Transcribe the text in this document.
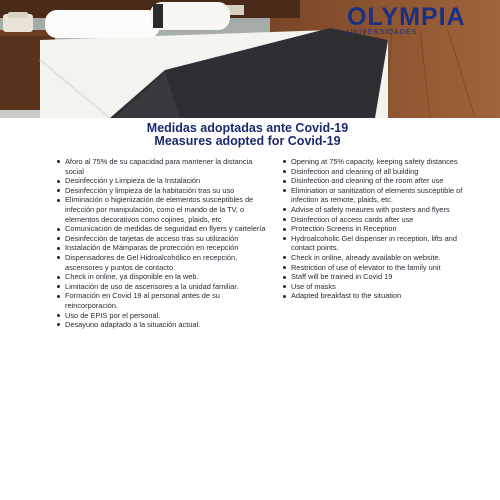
OLYMPIA
UNIVERSIDADES
Medidas adoptadas ante Covid-19
Measures adopted for Covid-19
Aforo al 75% de su capacidad para mantener la distancia social
Desinfección y Limpieza de la Instalación
Desinfección y limpieza de la habitación tras su uso
Eliminación o higienización de elementos susceptibles de infección por manipulación, como el mando de la TV, o elementos decorativos como cojines, plaids, etc
Comunicación de medidas de seguridad en flyers y cartelería
Desinfección de tarjetas de acceso tras su utilización
Instalación de Mámparas de protección en recepción
Dispensadores de Gel Hidroalcohólico en recepción, ascensores y puntos de contacto.
Check in online, ya disponible en la web.
Limitación de uso de ascensores a la unidad familiar.
Formación en Covid 19 al personal antes de su reincorporación.
Uso de EPIS por el personal.
Desayuno adaptado a la situación actual.
Opening at 75% capacity, keeping safety distances
Disinfection and cleaning of all building
Disinfection and cleaning of the room after use
Elimination or sanitization of elements susceptible of infection as remote, plaids, etc.
Advise of safety meaures with posters and flyers
Disinfection of access cards after use
Protection Screens in Reception
Hydroalcoholic Gel dispenser in reception, lifts and contact points.
Check in online, already available on website.
Restriction of use of elevator to the family unit
Staff will be trained in Covid 19
Use of masks
Adapted breakfast to the situation
